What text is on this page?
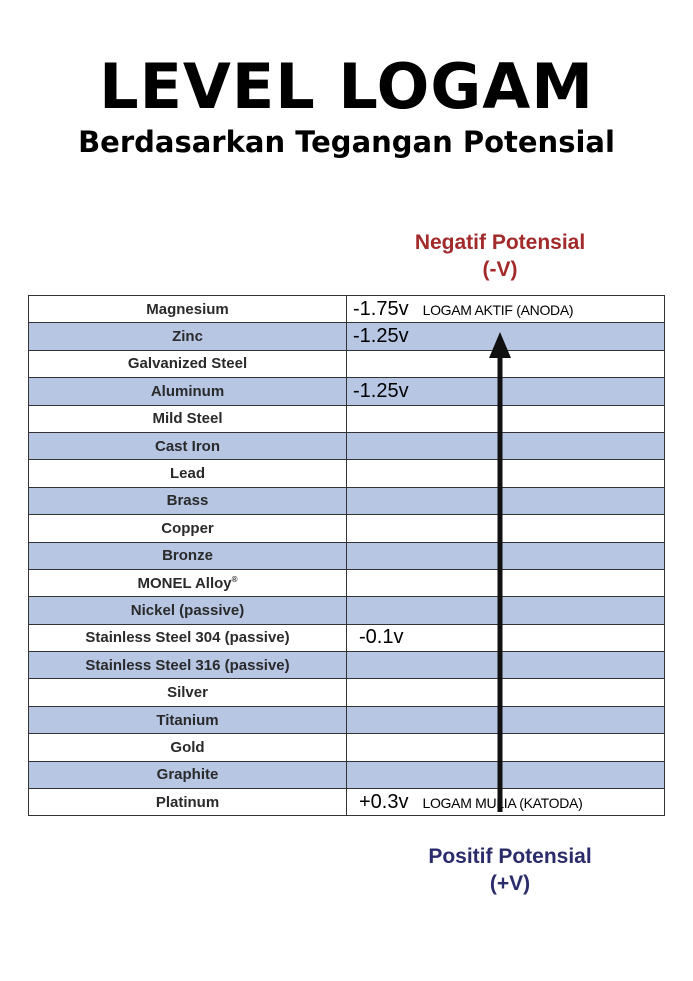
LEVEL LOGAM
Berdasarkan Tegangan Potensial
Negatif Potensial
(-V)
Magnesium	-1.75v LOGAM AKTIF (ANODA)
Zinc	-1.25v
Galvanized Steel	
Aluminum	-1.25v
Mild Steel	
Cast Iron	
Lead	
Brass	
Copper	
Bronze	
MONEL Alloy®	
Nickel (passive)	
Stainless Steel 304 (passive)	-0.1v
Stainless Steel 316 (passive)	
Silver	
Titanium	
Gold	
Graphite	
Platinum	+0.3v LOGAM MULIA (KATODA)
Positif Potensial
(+V)
